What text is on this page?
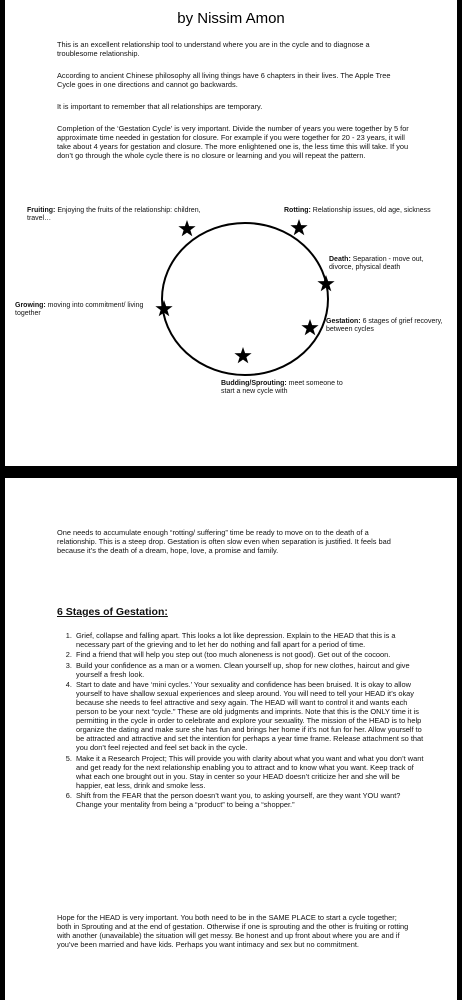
by Nissim Amon

This is an excellent relationship tool to understand where you are in the cycle and to diagnose a troublesome relationship.

According to ancient Chinese philosophy all living things have 6 chapters in their lives. The Apple Tree Cycle goes in one directions and cannot go backwards.

It is important to remember that all relationships are temporary.

Completion of the ‘Gestation Cycle’ is very important. Divide the number of years you were together by 5 for approximate time needed in gestation for closure. For example if you were together for 20 - 23 years, it will take about 4 years for gestation and closure. The more enlightened one is, the less time this will take. If you don’t go through the whole cycle there is no closure or learning and you will repeat the pattern.

Fruiting: Enjoying the fruits of the relationship: children, travel…

Rotting: Relationship issues, old age, sickness

Death: Separation - move out, divorce, physical death

Gestation: 6 stages of grief recovery, between cycles

Budding/Sprouting: meet someone to start a new cycle with

Growing: moving into commitment/ living together

One needs to accumulate enough “rotting/ suffering” time be ready to move on to the death of a relationship. This is a steep drop. Gestation is often slow even when separation is justified. It feels bad because it’s the death of a dream, hope, love, a promise and family.

6 Stages of Gestation:
1. Grief, collapse and falling apart. This looks a lot like depression. Explain to the HEAD that this is a necessary part of the grieving and to let her do nothing and fall apart for a period of time.
2. Find a friend that will help you step out (too much aloneness is not good). Get out of the cocoon.
3. Build your confidence as a man or a women. Clean yourself up, shop for new clothes, haircut and give yourself a fresh look.
4. Start to date and have ‘mini cycles.’ Your sexuality and confidence has been bruised. It is okay to allow yourself to have shallow sexual experiences and sleep around. You will need to tell your HEAD it’s okay because she needs to feel attractive and sexy again. The HEAD will want to control it and wants each person to be your next “cycle.” These are old judgments and imprints. Note that this is the ONLY time it is permitting in the cycle in order to celebrate and explore your sexuality. The mission of the HEAD is to help organize the dating and make sure she has fun and brings her home if it’s not fun for her. Allow yourself to be attracted and attractive and set the intention for perhaps a year time frame. Release attachment so that you don’t feel rejected and feel set back in the cycle.
5. Make it a Research Project; This will provide you with clarity about what you want and what you don’t want and get ready for the next relationship enabling you to attract and to know what you want. Keep track of what each one brought out in you. Stay in center so your HEAD doesn’t criticize her and she will be happier, eat less, drink and smoke less.
6. Shift from the FEAR that the person doesn’t want you, to asking yourself, are they want YOU want? Change your mentality from being a “product” to being a “shopper.”

Hope for the HEAD is very important. You both need to be in the SAME PLACE to start a cycle together; both in Sprouting and at the end of gestation. Otherwise if one is sprouting and the other is fruiting or rotting with another (unavailable) the situation will get messy. Be honest and up front about where you are and if you’ve been married and have kids. Perhaps you want intimacy and sex but no commitment.
